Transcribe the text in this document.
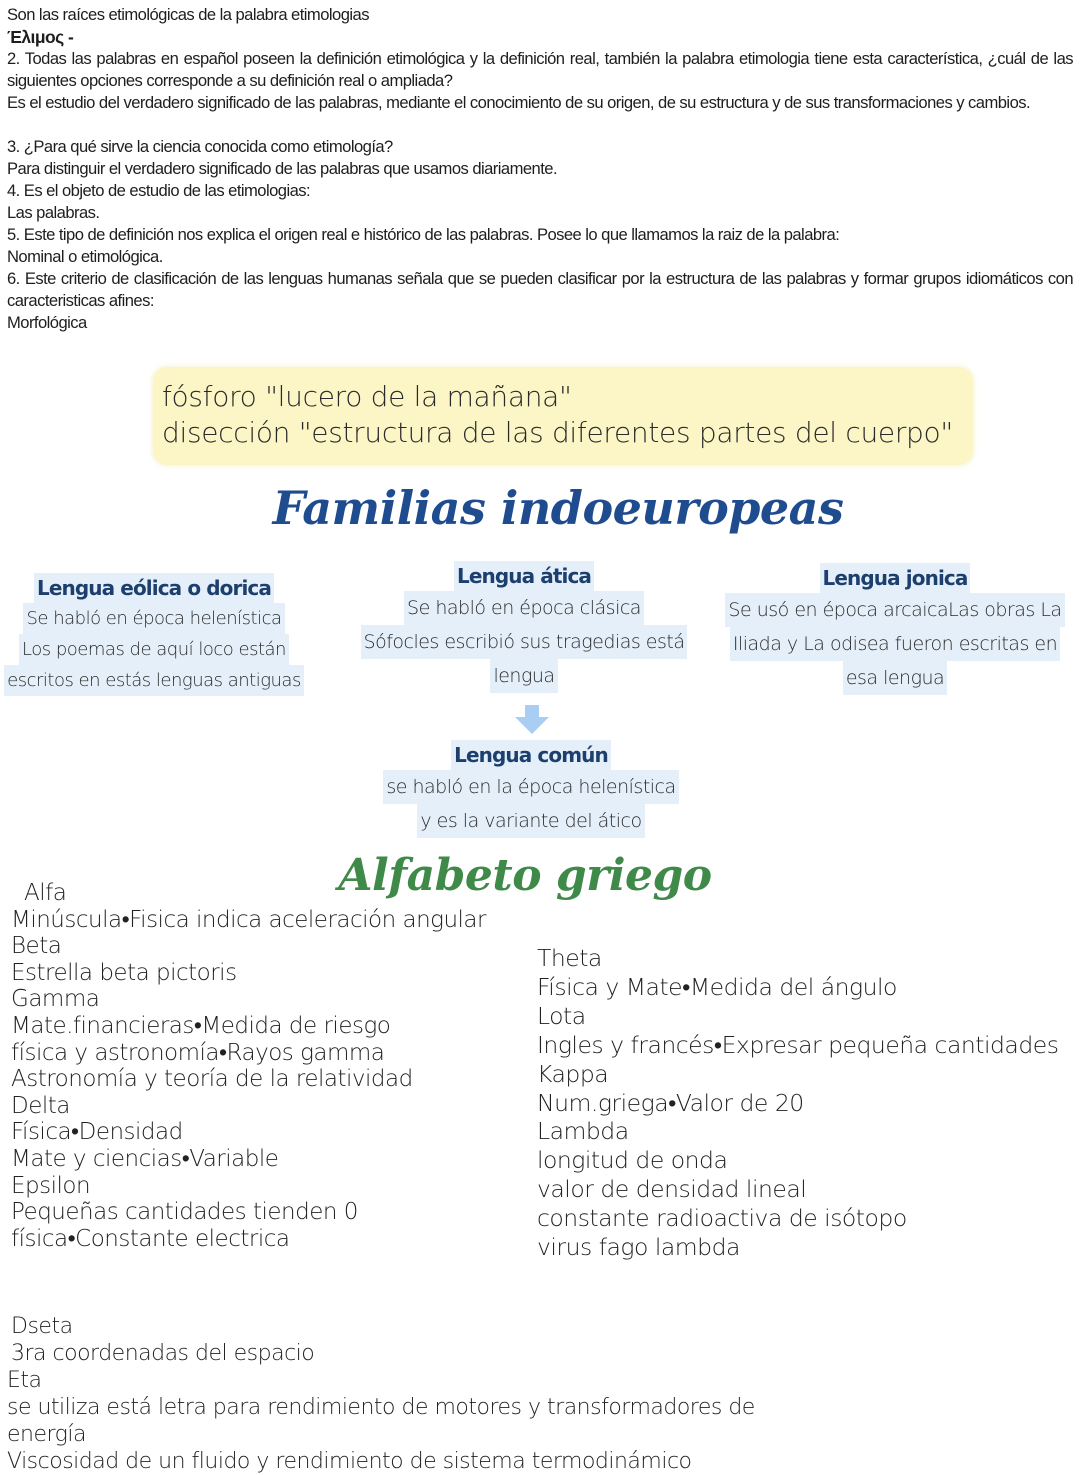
Son las raíces etimológicas de la palabra etimologias

Έλιμος -

2. Todas las palabras en español poseen la definición etimológica y la definición real, también la palabra etimologia tiene esta característica, ¿cuál de las siguientes opciones corresponde a su definición real o ampliada?

Es el estudio del verdadero significado de las palabras, mediante el conocimiento de su origen, de su estructura y de sus transformaciones y cambios.

3. ¿Para qué sirve la ciencia conocida como etimología?

Para distinguir el verdadero significado de las palabras que usamos diariamente.

4. Es el objeto de estudio de las etimologias:

Las palabras.

5. Este tipo de definición nos explica el origen real e histórico de las palabras. Posee lo que llamamos la raiz de la palabra:

Nominal o etimológica.

6. Este criterio de clasificación de las lenguas humanas señala que se pueden clasificar por la estructura de las palabras y formar grupos idiomáticos con caracteristicas afines:

Morfológica

fósforo "lucero de la mañana"

disección "estructura de las diferentes partes del cuerpo"

Familias indoeuropeas
Lengua eólica o dorica
Se habló en época helenística
Los poemas de aquí loco están
escritos en estás lenguas antiguas
Lengua ática
Se habló en época clásica
Sófocles escribió sus tragedias está
lengua
Lengua jonica
Se usó en época arcaicaLas obras La
Iliada y La odisea fueron escritas en
esa lengua
Lengua común
se habló en la época helenística
y es la variante del ático
Alfabeto griego

Alfa

Minúscula•Fisica indica aceleración angular

Beta

Estrella beta pictoris

Gamma

Mate.financieras•Medida de riesgo

física y astronomía•Rayos gamma

Astronomía y teoría de la relatividad

Delta

Física•Densidad

Mate y ciencias•Variable

Epsilon

Pequeñas cantidades tienden 0

física•Constante electrica

Theta

Física y Mate•Medida del ángulo

Lota

Ingles y francés•Expresar pequeña cantidades

Kappa

Num.griega•Valor de 20

Lambda

longitud de onda

valor de densidad lineal

constante radioactiva de isótopo

virus fago lambda

Dseta

3ra coordenadas del espacio

Eta

se utiliza está letra para rendimiento de motores y transformadores de

energía

Viscosidad de un fluido y rendimiento de sistema termodinámico
